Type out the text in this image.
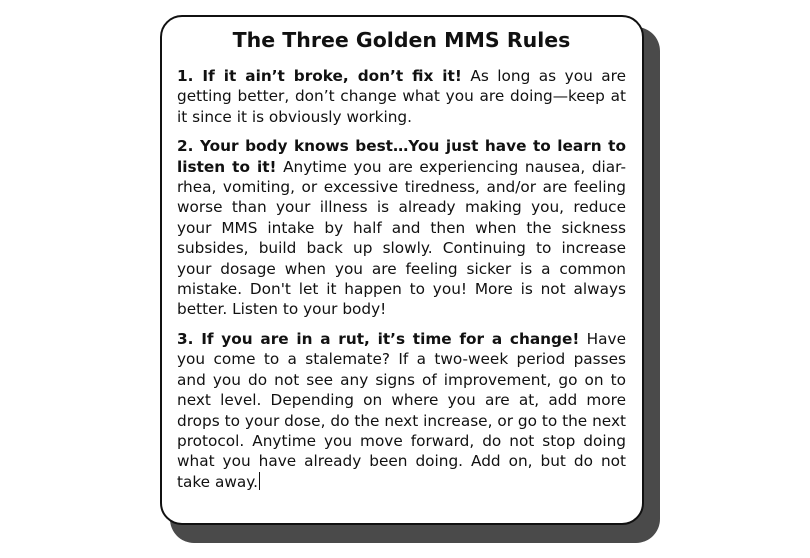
The Three Golden MMS Rules

1. If it ain’t broke, don’t fix it! As long as you are getting better, don’t change what you are doing—keep at it since it is obviously working.

2. Your body knows best…You just have to learn to listen to it! Anytime you are experiencing nausea, diar-rhea, vomiting, or excessive tiredness, and/or are feeling worse than your illness is already making you, reduce your MMS intake by half and then when the sickness subsides, build back up slowly. Continuing to increase your dosage when you are feeling sicker is a common mistake. Don't let it happen to you! More is not always better. Listen to your body!

3. If you are in a rut, it’s time for a change! Have you come to a stalemate? If a two-week period passes and you do not see any signs of improvement, go on to next level. Depending on where you are at, add more drops to your dose, do the next increase, or go to the next protocol. Anytime you move forward, do not stop doing what you have already been doing. Add on, but do not take away.
